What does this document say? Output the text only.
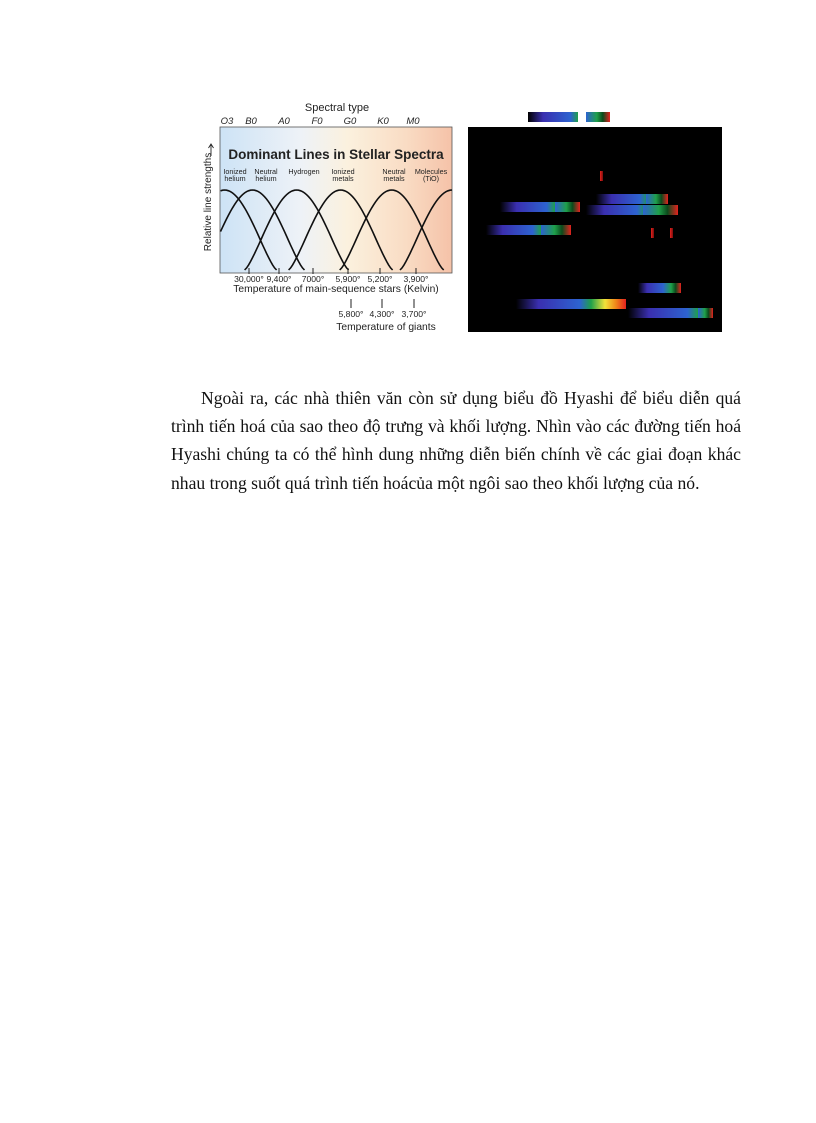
Spectral type
O3 B0 A0 F0 G0 K0 M0
Dominant Lines in Stellar Spectra
Ionized
helium
Neutral
helium
Hydrogen Ionized
metals
Neutral
metals
Molecules
(TiO)
Relative line strengths
30,000° 9,400° 7000° 5,900° 5,200° 3,900°
Temperature of main-sequence stars (Kelvin)
5,800° 4,300° 3,700°
Temperature of giants

Ngoài ra, các nhà thiên văn còn sử dụng biểu đồ Hyashi để biểu diễn quá trình tiến hoá của sao theo độ trưng và khối lượng. Nhìn vào các đường tiến hoá Hyashi chúng ta có thể hình dung những diễn biến chính về các giai đoạn khác nhau trong suốt quá trình tiến hoácủa một ngôi sao theo khối lượng của nó.
